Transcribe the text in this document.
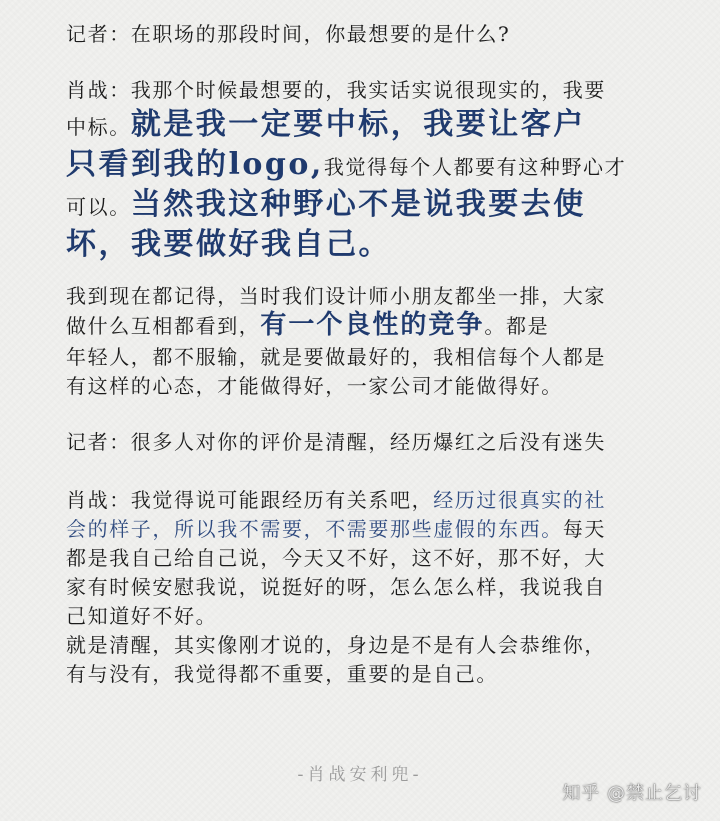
记者：在职场的那段时间，你最想要的是什么?

肖战：我那个时候最想要的，我实话实说很现实的，我要
中标。就是我一定要中标，我要让客户
只看到我的logo,我觉得每个人都要有这种野心才
可以。当然我这种野心不是说我要去使
坏，我要做好我自己。

我到现在都记得，当时我们设计师小朋友都坐一排，大家
做什么互相都看到，有一个良性的竞争。都是
年轻人，都不服输，就是要做最好的，我相信每个人都是
有这样的心态，才能做得好，一家公司才能做得好。

记者：很多人对你的评价是清醒，经历爆红之后没有迷失

肖战：我觉得说可能跟经历有关系吧，经历过很真实的社
会的样子，所以我不需要，不需要那些虚假的东西。每天
都是我自己给自己说，今天又不好，这不好，那不好，大
家有时候安慰我说，说挺好的呀，怎么怎么样，我说我自
己知道好不好。
就是清醒，其实像刚才说的，身边是不是有人会恭维你，
有与没有，我觉得都不重要，重要的是自己。

-肖战安利兜-
知乎 @禁止乞讨
